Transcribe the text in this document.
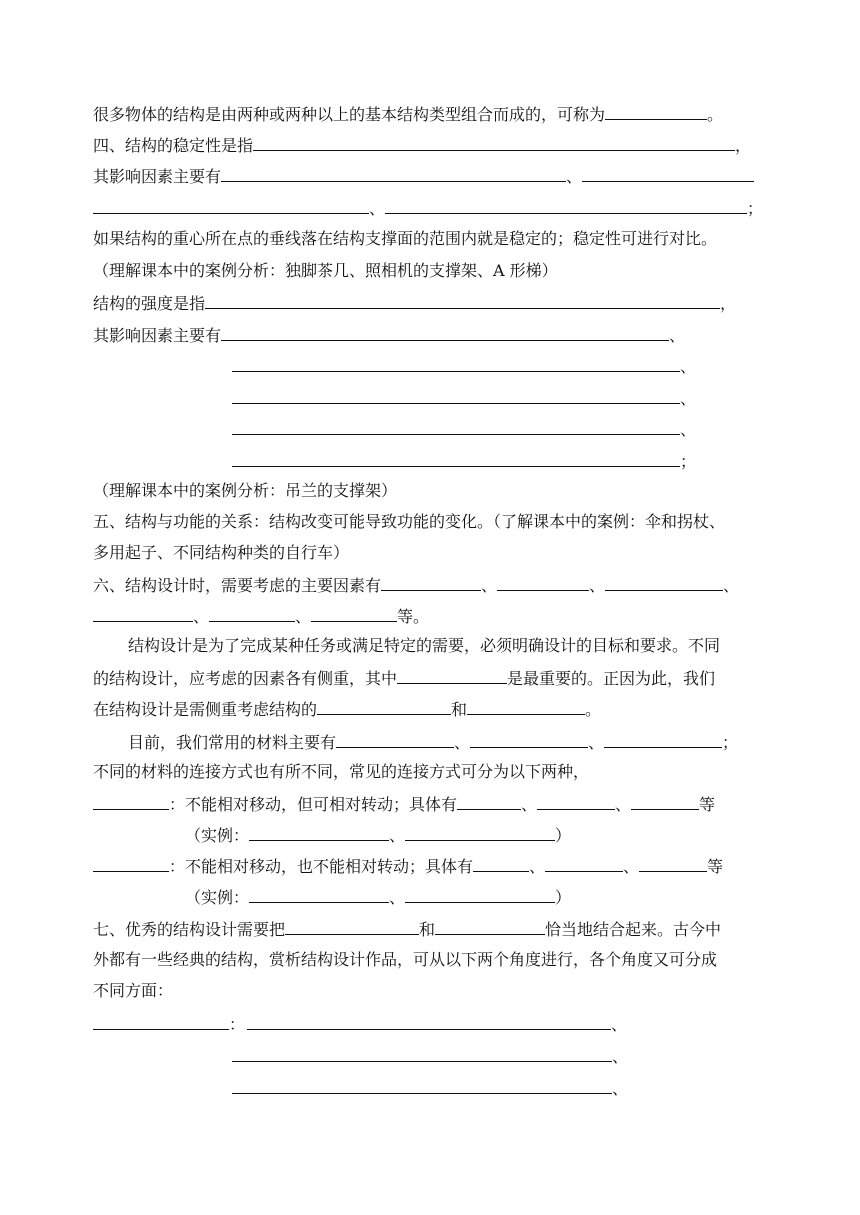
很多物体的结构是由两种或两种以上的基本结构类型组合而成的，可称为	。
四、结构的稳定性是指	，
其影响因素主要有	、
、	；
如果结构的重心所在点的垂线落在结构支撑面的范围内就是稳定的；稳定性可进行对比。
（理解课本中的案例分析：独脚茶几、照相机的支撑架、A 形梯）
结构的强度是指	，
其影响因素主要有	、
、
、
、
；
（理解课本中的案例分析：吊兰的支撑架）
五、结构与功能的关系：结构改变可能导致功能的变化。（了解课本中的案例：伞和拐杖、
多用起子、不同结构种类的自行车）
六、结构设计时，需要考虑的主要因素有	、	、	、
、	、	等。
结构设计是为了完成某种任务或满足特定的需要，必须明确设计的目标和要求。不同
的结构设计，应考虑的因素各有侧重，其中	是最重要的。正因为此，我们
在结构设计是需侧重考虑结构的	和	。
目前，我们常用的材料主要有	、	、	；
不同的材料的连接方式也有所不同，常见的连接方式可分为以下两种，
：不能相对移动，但可相对转动；具体有	、	、	等
（实例：	、	）
：不能相对移动，也不能相对转动；具体有	、	、	等
（实例：	、	）
七、优秀的结构设计需要把	和	恰当地结合起来。古今中
外都有一些经典的结构，赏析结构设计作品，可从以下两个角度进行，各个角度又可分成
不同方面：
：	、
、
、
